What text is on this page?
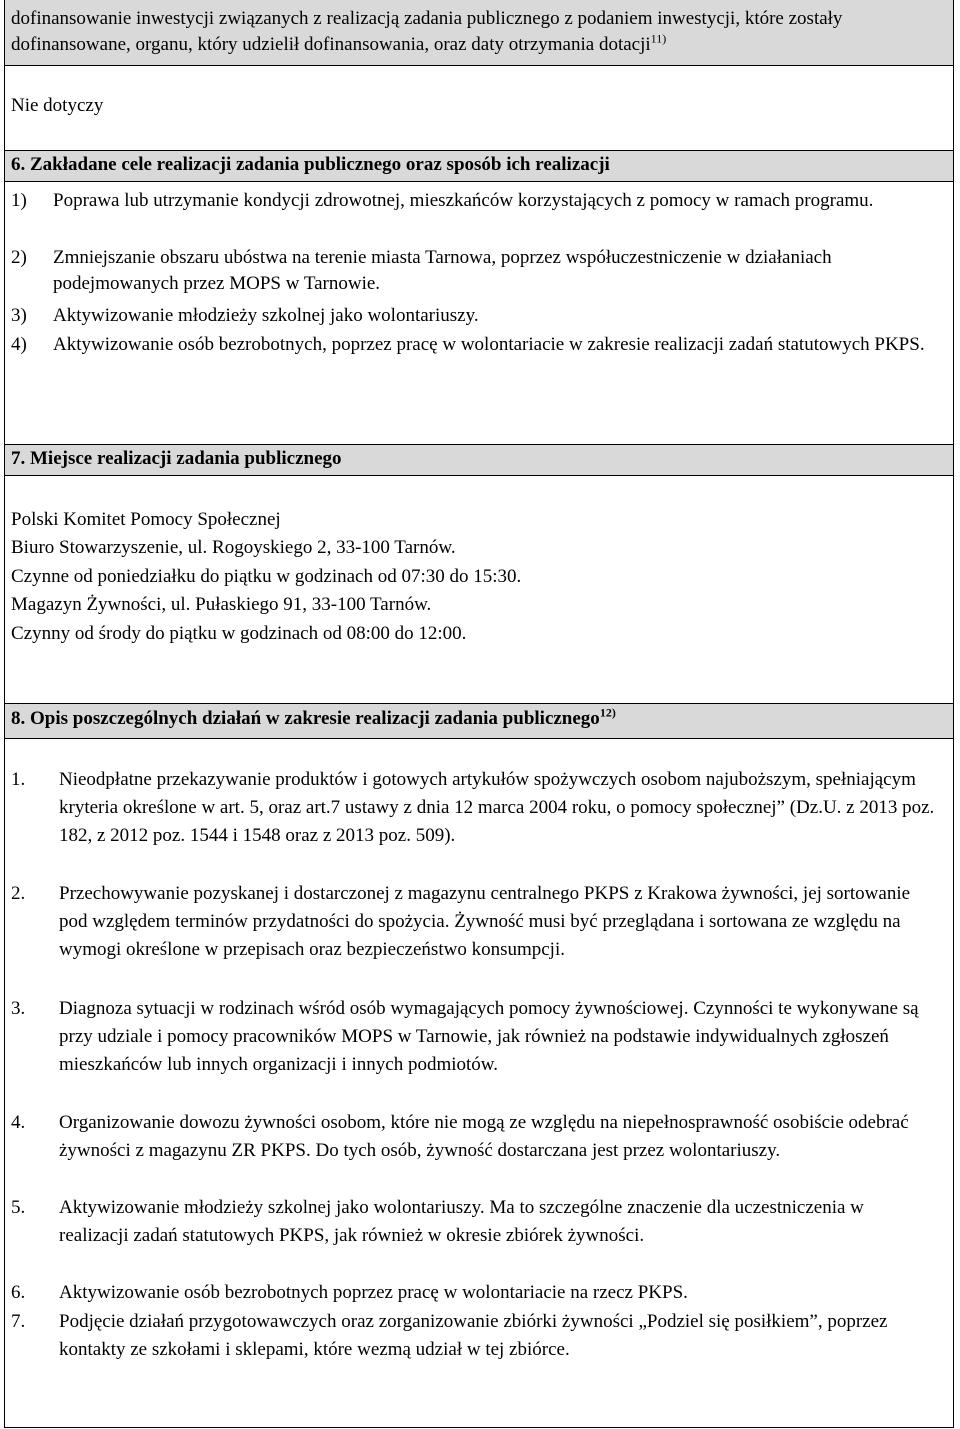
dofinansowanie inwestycji związanych z realizacją zadania publicznego z podaniem inwestycji, które zostały dofinansowane, organu, który udzielił dofinansowania, oraz daty otrzymania dotacji$^{11)}$
Nie dotyczy
6. Zakładane cele realizacji zadania publicznego oraz sposób ich realizacji
1) Poprawa lub utrzymanie kondycji zdrowotnej, mieszkańców korzystających z pomocy w ramach programu.
2) Zmniejszanie obszaru ubóstwa na terenie miasta Tarnowa, poprzez współuczestniczenie w działaniach podejmowanych przez MOPS w Tarnowie.
3) Aktywizowanie młodzieży szkolnej jako wolontariuszy.
4) Aktywizowanie osób bezrobotnych, poprzez pracę w wolontariacie w zakresie realizacji zadań statutowych PKPS.
7. Miejsce realizacji zadania publicznego
Polski Komitet Pomocy Społecznej
Biuro Stowarzyszenie, ul. Rogoyskiego 2, 33-100 Tarnów.
Czynne od poniedziałku do piątku w godzinach od 07:30 do 15:30.
Magazyn Żywności, ul. Pułaskiego 91, 33-100 Tarnów.
Czynny od środy do piątku w godzinach od 08:00 do 12:00.
8. Opis poszczególnych działań w zakresie realizacji zadania publicznego$^{12)}$
1. Nieodpłatne przekazywanie produktów i gotowych artykułów spożywczych osobom najuboższym, spełniającym kryteria określone w art. 5, oraz art.7 ustawy z dnia 12 marca 2004 roku, o pomocy społecznej” (Dz.U. z 2013 poz. 182, z 2012 poz. 1544 i 1548 oraz z 2013 poz. 509).
2. Przechowywanie pozyskanej i dostarczonej z magazynu centralnego PKPS z Krakowa żywności, jej sortowanie pod względem terminów przydatności do spożycia. Żywność musi być przeglądana i sortowana ze względu na wymogi określone w przepisach oraz bezpieczeństwo konsumpcji.
3. Diagnoza sytuacji w rodzinach wśród osób wymagających pomocy żywnościowej. Czynności te wykonywane są przy udziale i pomocy pracowników MOPS w Tarnowie, jak również na podstawie indywidualnych zgłoszeń mieszkańców lub innych organizacji i innych podmiotów.
4. Organizowanie dowozu żywności osobom, które nie mogą ze względu na niepełnosprawność osobiście odebrać żywności z magazynu ZR PKPS. Do tych osób, żywność dostarczana jest przez wolontariuszy.
5. Aktywizowanie młodzieży szkolnej jako wolontariuszy. Ma to szczególne znaczenie dla uczestniczenia w realizacji zadań statutowych PKPS, jak również w okresie zbiórek żywności.
6. Aktywizowanie osób bezrobotnych poprzez pracę w wolontariacie na rzecz PKPS.
7. Podjęcie działań przygotowawczych oraz zorganizowanie zbiórki żywności „Podziel się posiłkiem”, poprzez kontakty ze szkołami i sklepami, które wezmą udział w tej zbiórce.
